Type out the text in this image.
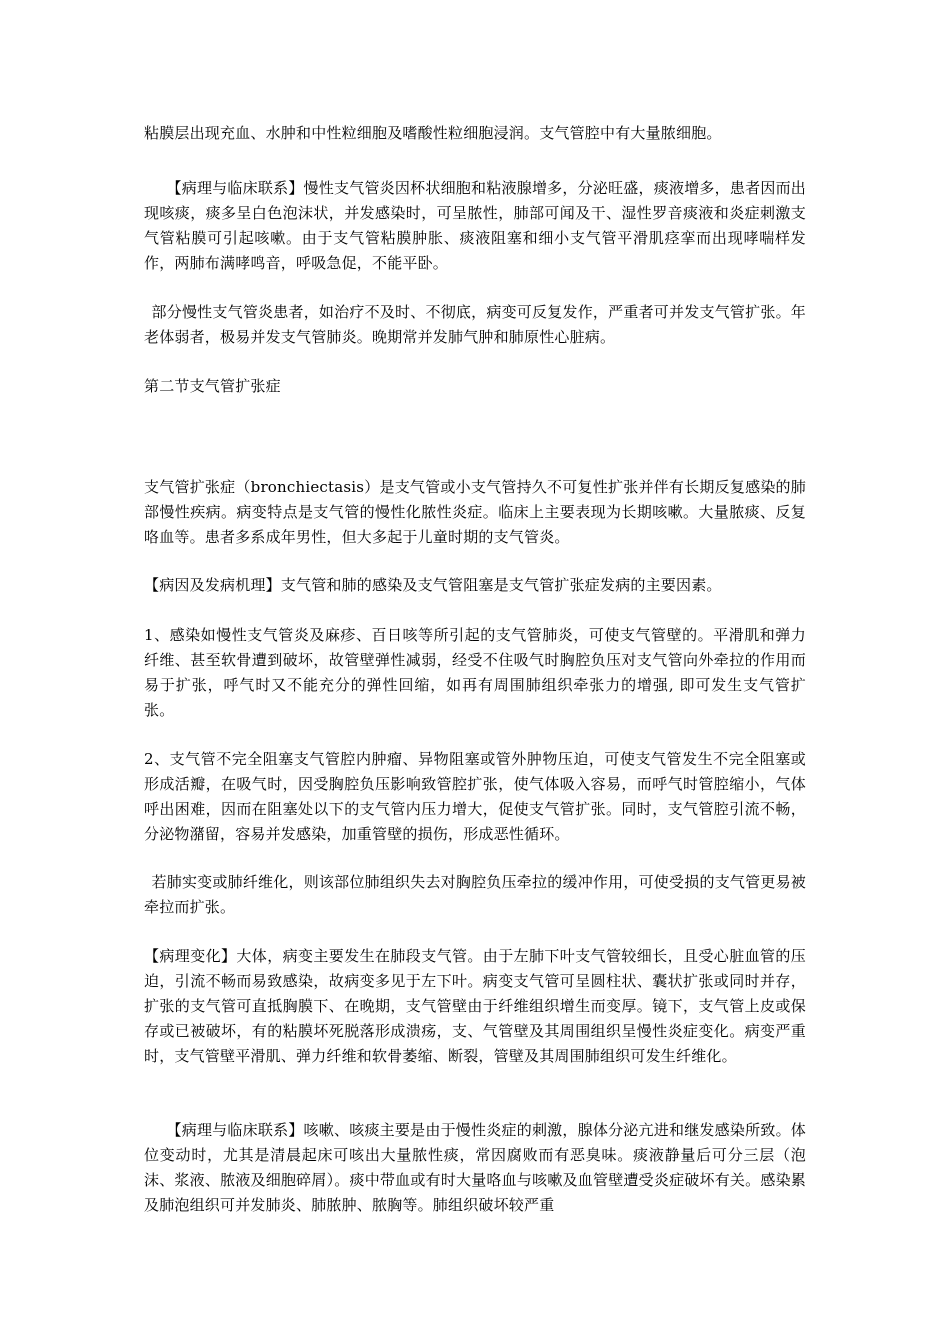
粘膜层出现充血、水肿和中性粒细胞及嗜酸性粒细胞浸润。支气管腔中有大量脓细胞。

【病理与临床联系】慢性支气管炎因杯状细胞和粘液腺增多，分泌旺盛，痰液增多，患者因而出现咳痰，痰多呈白色泡沫状，并发感染时，可呈脓性，肺部可闻及干、湿性罗音痰液和炎症刺激支气管粘膜可引起咳嗽。由于支气管粘膜肿胀、痰液阻塞和细小支气管平滑肌痉挛而出现哮喘样发作，两肺布满哮鸣音，呼吸急促，不能平卧。

部分慢性支气管炎患者，如治疗不及时、不彻底，病变可反复发作，严重者可并发支气管扩张。年老体弱者，极易并发支气管肺炎。晚期常并发肺气肿和肺原性心脏病。

第二节支气管扩张症

支气管扩张症（bronchiectasis）是支气管或小支气管持久不可复性扩张并伴有长期反复感染的肺部慢性疾病。病变特点是支气管的慢性化脓性炎症。临床上主要表现为长期咳嗽。大量脓痰、反复咯血等。患者多系成年男性，但大多起于儿童时期的支气管炎。

【病因及发病机理】支气管和肺的感染及支气管阻塞是支气管扩张症发病的主要因素。

1、感染如慢性支气管炎及麻疹、百日咳等所引起的支气管肺炎，可使支气管壁的。平滑肌和弹力纤维、甚至软骨遭到破坏，故管壁弹性减弱，经受不住吸气时胸腔负压对支气管向外牵拉的作用而易于扩张，呼气时又不能充分的弹性回缩，如再有周围肺组织牵张力的增强, 即可发生支气管扩张。

2、支气管不完全阻塞支气管腔内肿瘤、异物阻塞或管外肿物压迫，可使支气管发生不完全阻塞或形成活瓣，在吸气时，因受胸腔负压影响致管腔扩张，使气体吸入容易，而呼气时管腔缩小，气体呼出困难，因而在阻塞处以下的支气管内压力增大，促使支气管扩张。同时，支气管腔引流不畅，分泌物潴留，容易并发感染，加重管壁的损伤，形成恶性循环。

若肺实变或肺纤维化，则该部位肺组织失去对胸腔负压牵拉的缓冲作用，可使受损的支气管更易被牵拉而扩张。

【病理变化】大体，病变主要发生在肺段支气管。由于左肺下叶支气管较细长，且受心脏血管的压迫，引流不畅而易致感染，故病变多见于左下叶。病变支气管可呈圆柱状、囊状扩张或同时并存，扩张的支气管可直抵胸膜下、在晚期，支气管壁由于纤维组织增生而变厚。镜下，支气管上皮或保存或已被破坏，有的粘膜坏死脱落形成溃疡，支、气管壁及其周围组织呈慢性炎症变化。病变严重时，支气管壁平滑肌、弹力纤维和软骨萎缩、断裂，管壁及其周围肺组织可发生纤维化。

【病理与临床联系】咳嗽、咳痰主要是由于慢性炎症的刺激，腺体分泌亢进和继发感染所致。体位变动时，尤其是清晨起床可咳出大量脓性痰，常因腐败而有恶臭味。痰液静量后可分三层（泡沫、浆液、脓液及细胞碎屑）。痰中带血或有时大量咯血与咳嗽及血管壁遭受炎症破坏有关。感染累及肺泡组织可并发肺炎、肺脓肿、脓胸等。肺组织破坏较严重
